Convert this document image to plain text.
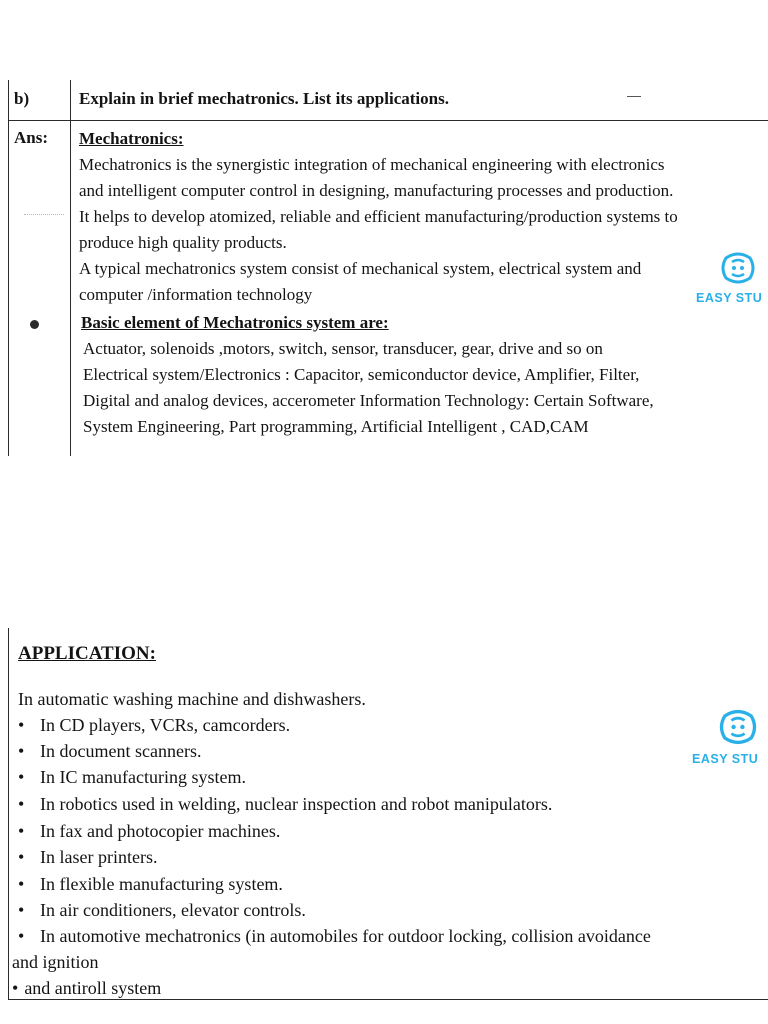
b)	Explain in brief mechatronics. List its applications.
Ans: Mechatronics:
Mechatronics is the synergistic integration of mechanical engineering with electronics
and intelligent computer control in designing, manufacturing processes and production.
It helps to develop atomized, reliable and efficient manufacturing/production systems to
produce high quality products.
A typical mechatronics system consist of mechanical system, electrical system and
computer /information technology	EASY STU
Basic element of Mechatronics system are:
Actuator, solenoids ,motors, switch, sensor, transducer, gear, drive and so on
Electrical system/Electronics : Capacitor, semiconductor device, Amplifier, Filter,
Digital and analog devices, accerometer Information Technology: Certain Software,
System Engineering, Part programming, Artificial Intelligent , CAD,CAM
APPLICATION:
In automatic washing machine and dishwashers.
• In CD players, VCRs, camcorders.
• In document scanners.
• In IC manufacturing system.
• In robotics used in welding, nuclear inspection and robot manipulators.
• In fax and photocopier machines.
• In laser printers.
• In flexible manufacturing system.
• In air conditioners, elevator controls.
• In automotive mechatronics (in automobiles for outdoor locking, collision avoidance
and ignition
• and antiroll system
EASY STU
